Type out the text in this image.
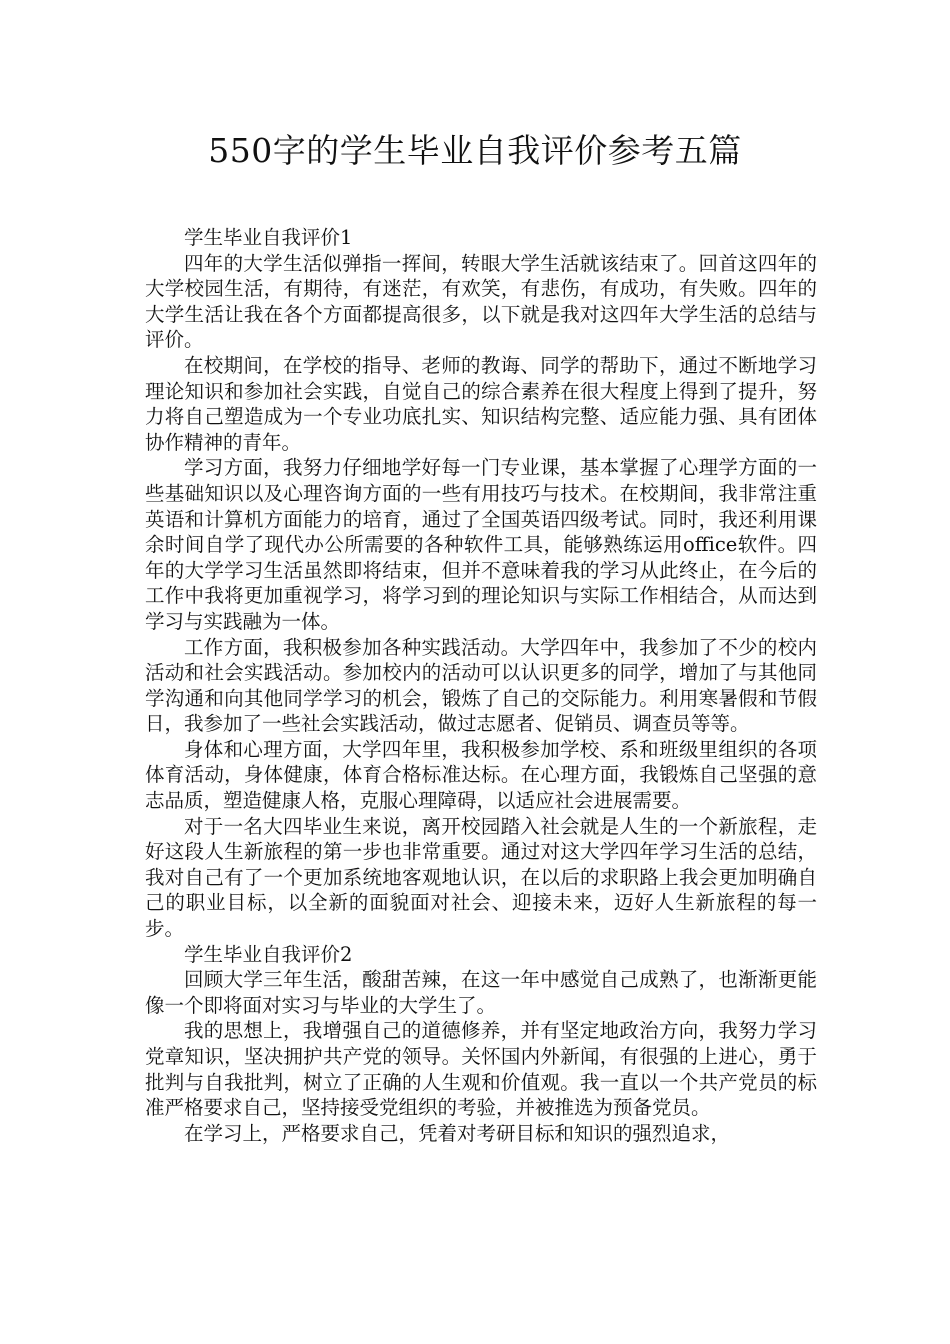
550字的学生毕业自我评价参考五篇

学生毕业自我评价1

四年的大学生活似弹指一挥间，转眼大学生活就该结束了。回首这四年的大学校园生活，有期待，有迷茫，有欢笑，有悲伤，有成功，有失败。四年的大学生活让我在各个方面都提高很多，以下就是我对这四年大学生活的总结与评价。

在校期间，在学校的指导、老师的教诲、同学的帮助下，通过不断地学习理论知识和参加社会实践，自觉自己的综合素养在很大程度上得到了提升，努力将自己塑造成为一个专业功底扎实、知识结构完整、适应能力强、具有团体协作精神的青年。

学习方面，我努力仔细地学好每一门专业课，基本掌握了心理学方面的一些基础知识以及心理咨询方面的一些有用技巧与技术。在校期间，我非常注重英语和计算机方面能力的培育，通过了全国英语四级考试。同时，我还利用课余时间自学了现代办公所需要的各种软件工具，能够熟练运用office软件。四年的大学学习生活虽然即将结束，但并不意味着我的学习从此终止，在今后的工作中我将更加重视学习，将学习到的理论知识与实际工作相结合，从而达到学习与实践融为一体。

工作方面，我积极参加各种实践活动。大学四年中，我参加了不少的校内活动和社会实践活动。参加校内的活动可以认识更多的同学，增加了与其他同学沟通和向其他同学学习的机会，锻炼了自己的交际能力。利用寒暑假和节假日，我参加了一些社会实践活动，做过志愿者、促销员、调查员等等。

身体和心理方面，大学四年里，我积极参加学校、系和班级里组织的各项体育活动，身体健康，体育合格标准达标。在心理方面，我锻炼自己坚强的意志品质，塑造健康人格，克服心理障碍，以适应社会进展需要。

对于一名大四毕业生来说，离开校园踏入社会就是人生的一个新旅程，走好这段人生新旅程的第一步也非常重要。通过对这大学四年学习生活的总结，我对自己有了一个更加系统地客观地认识，在以后的求职路上我会更加明确自己的职业目标，以全新的面貌面对社会、迎接未来，迈好人生新旅程的每一步。

学生毕业自我评价2

回顾大学三年生活，酸甜苦辣，在这一年中感觉自己成熟了，也渐渐更能像一个即将面对实习与毕业的大学生了。

我的思想上，我增强自己的道德修养，并有坚定地政治方向，我努力学习党章知识，坚决拥护共产党的领导。关怀国内外新闻，有很强的上进心，勇于批判与自我批判，树立了正确的人生观和价值观。我一直以一个共产党员的标准严格要求自己，坚持接受党组织的考验，并被推选为预备党员。

在学习上，严格要求自己，凭着对考研目标和知识的强烈追求，
